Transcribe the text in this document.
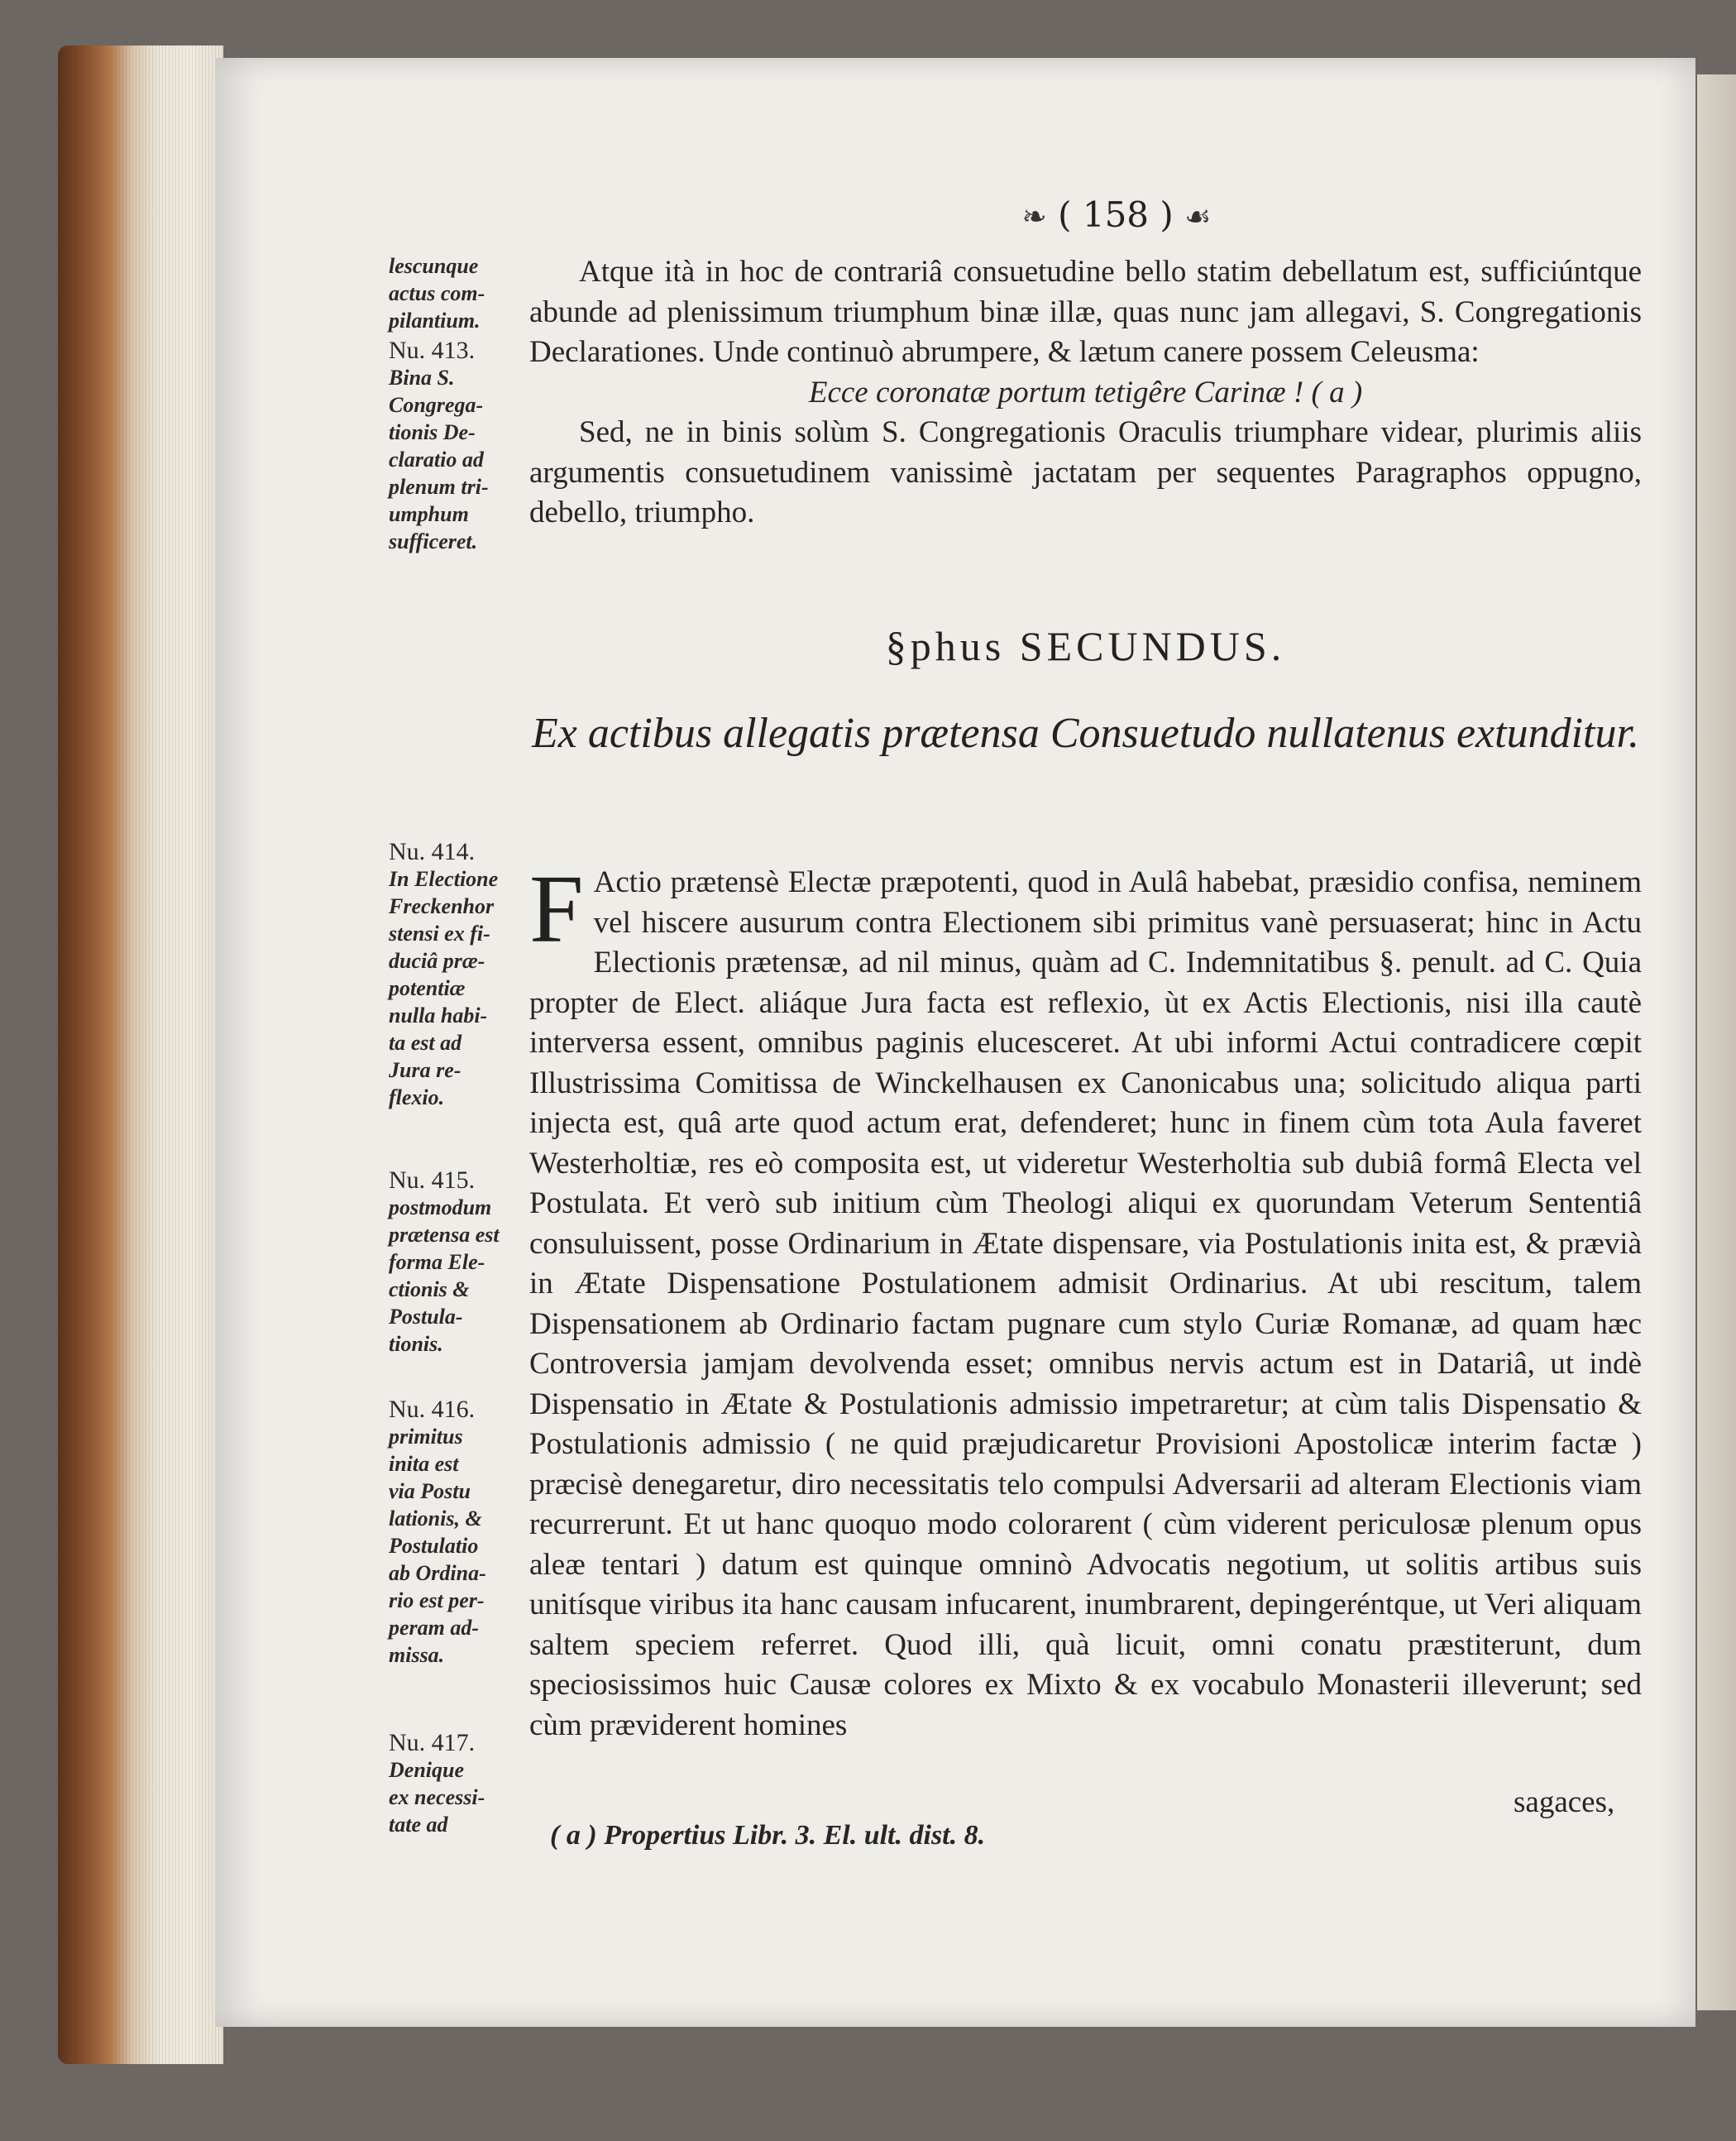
❧ ( 158 ) ☙
lescunque
actus com-
pilantium.
Nu. 413.
Bina S.
Congrega-
tionis De-
claratio ad
plenum tri-
umphum
sufficeret.
Nu. 414.
In Electione
Freckenhor
stensi ex fi-
duciâ præ-
potentiæ
nulla habi-
ta est ad
Jura re-
flexio.
Nu. 415.
postmodum
prætensa est
forma Ele-
ctionis &
Postula-
tionis.
Nu. 416.
primitus
inita est
via Postu
lationis, &
Postulatio
ab Ordina-
rio est per-
peram ad-
missa.
Nu. 417.
Denique
ex necessi-
tate ad

Atque ità in hoc de contrariâ consuetudine bello statim debellatum est, sufficiúntque abunde ad plenissimum triumphum binæ illæ, quas nunc jam allegavi, S. Congregationis Declarationes. Unde continuò abrumpere, & lætum canere possem Celeusma:

Ecce coronatæ portum tetigêre Carinæ ! ( a )

Sed, ne in binis solùm S. Congregationis Oraculis triumphare videar, plurimis aliis argumentis consuetudinem vanissimè jactatam per sequentes Paragraphos oppugno, debello, triumpho.

§phus SECUNDUS.
Ex actibus allegatis prætensa Consuetudo nullatenus extunditur.
F Actio prætensè Electæ præpotenti, quod in Aulâ habebat, præsidio confisa, neminem vel hiscere ausurum contra Electionem sibi primitus vanè persuaserat; hinc in Actu Electionis prætensæ, ad nil minus, quàm ad C. Indemnitatibus §. penult. ad C. Quia propter de Elect. aliáque Jura facta est reflexio, ùt ex Actis Electionis, nisi illa cautè interversa essent, omnibus paginis elucesceret. At ubi informi Actui contradicere cœpit Illustrissima Comitissa de Winckelhausen ex Canonicabus una; solicitudo aliqua parti injecta est, quâ arte quod actum erat, defenderet; hunc in finem cùm tota Aula faveret Westerholtiæ, res eò composita est, ut videretur Westerholtia sub dubiâ formâ Electa vel Postulata. Et verò sub initium cùm Theologi aliqui ex quorundam Veterum Sententiâ consuluissent, posse Ordinarium in Ætate dispensare, via Postulationis inita est, & prævià in Ætate Dispensatione Postulationem admisit Ordinarius. At ubi rescitum, talem Dispensationem ab Ordinario factam pugnare cum stylo Curiæ Romanæ, ad quam hæc Controversia jamjam devolvenda esset; omnibus nervis actum est in Datariâ, ut indè Dispensatio in Ætate & Postulationis admissio impetraretur; at cùm talis Dispensatio & Postulationis admissio ( ne quid præjudicaretur Provisioni Apostolicæ interim factæ ) præcisè denegaretur, diro necessitatis telo compulsi Adversarii ad alteram Electionis viam recurrerunt. Et ut hanc quoquo modo colorarent ( cùm viderent periculosæ plenum opus aleæ tentari ) datum est quinque omninò Advocatis negotium, ut solitis artibus suis unitísque viribus ita hanc causam infucarent, inumbrarent, depingeréntque, ut Veri aliquam saltem speciem referret. Quod illi, quà licuit, omni conatu præstiterunt, dum speciosissimos huic Causæ colores ex Mixto & ex vocabulo Monasterii illeverunt; sed cùm præviderent homines

sagaces,
( a ) Propertius Libr. 3. El. ult. dist. 8.
